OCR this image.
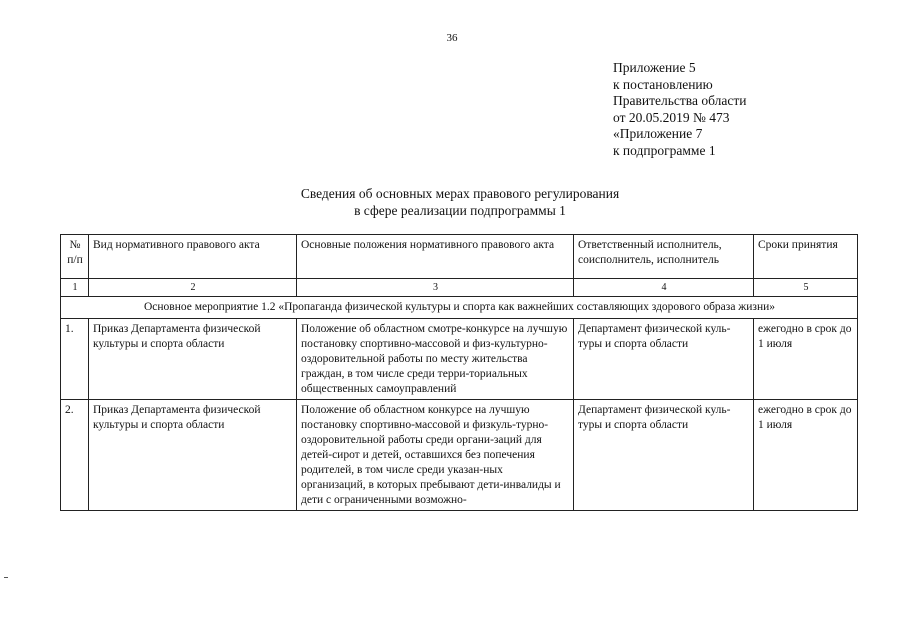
36
Приложение 5
к постановлению
Правительства области
от 20.05.2019 № 473
«Приложение 7
к подпрограмме 1
Сведения об основных мерах правового регулирования
в сфере реализации подпрограммы 1
№ п/п	Вид нормативного правового акта	Основные положения нормативного правового акта	Ответственный исполнитель, соисполнитель, исполнитель	Сроки принятия
1	2	3	4	5
Основное мероприятие 1.2 «Пропаганда физической культуры и спорта как важнейших составляющих здорового образа жизни»				
1.	Приказ Департамента физической культуры и спорта области	Положение об областном смотре-конкурсе на лучшую постановку спортивно-массовой и физ-культурно-оздоровительной работы по месту жительства граждан, в том числе среди терри-ториальных общественных самоуправлений	Департамент физической куль-туры и спорта области	ежегодно в срок до 1 июля
2.	Приказ Департамента физической культуры и спорта области	Положение об областном конкурсе на лучшую постановку спортивно-массовой и физкуль-турно-оздоровительной работы среди органи-заций для детей-сирот и детей, оставшихся без попечения родителей, в том числе среди указан-ных организаций, в которых пребывают дети-инвалиды и дети с ограниченными возможно-	Департамент физической куль-туры и спорта области	ежегодно в срок до 1 июля
